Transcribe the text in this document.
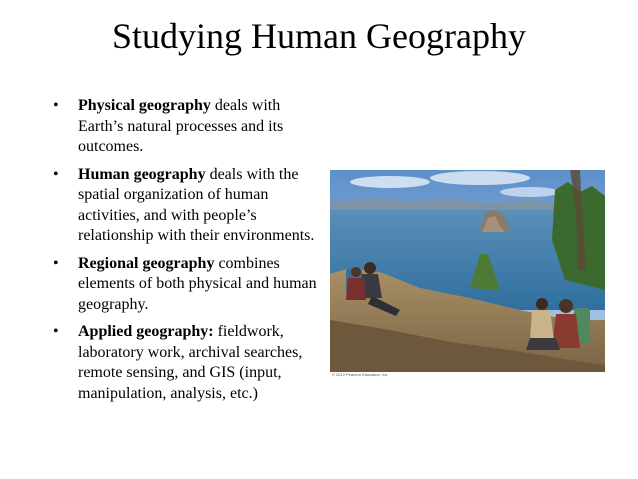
Studying Human Geography
• Physical geography deals with Earth’s natural processes and its outcomes.
• Human geography deals with the spatial organization of human activities, and with people’s relationship with their environments.
• Regional geography combines elements of both physical and human geography.
• Applied geography: fieldwork, laboratory work, archival searches, remote sensing, and GIS (input, manipulation, analysis, etc.)
© 2012 Pearson Education, Inc.
